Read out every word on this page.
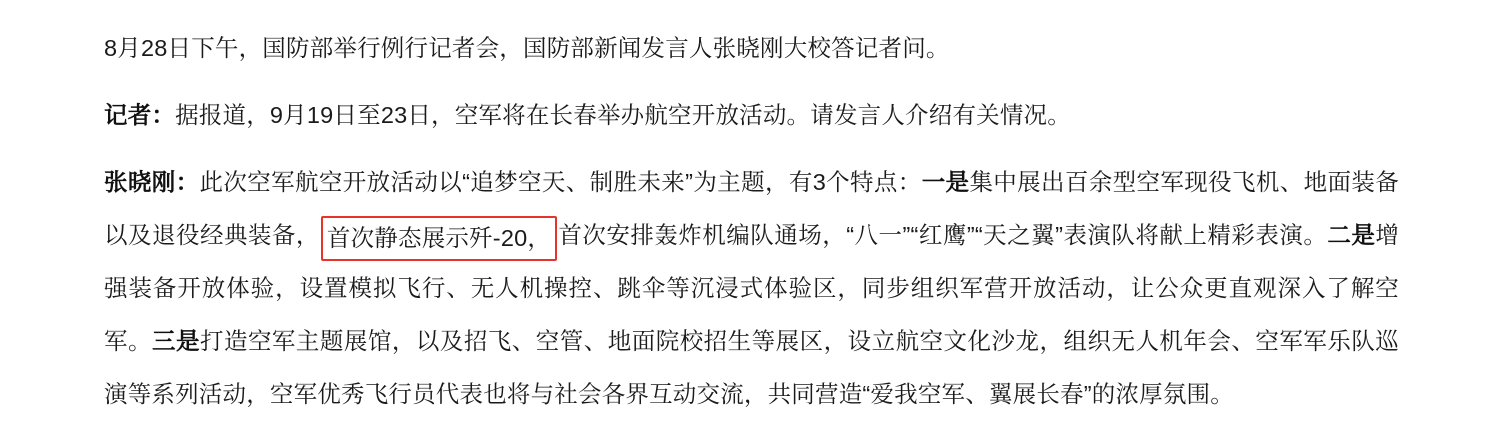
8月28日下午，国防部举行例行记者会，国防部新闻发言人张晓刚大校答记者问。

记者：据报道，9月19日至23日，空军将在长春举办航空开放活动。请发言人介绍有关情况。

张晓刚：此次空军航空开放活动以“追梦空天、制胜未来”为主题，有3个特点：一是集中展出百余型空军现役飞机、地面装备以及退役经典装备， 首次静态展示歼-20， 首次安排轰炸机编队通场，“八一”“红鹰”“天之翼”表演队将献上精彩表演。二是增强装备开放体验，设置模拟飞行、无人机操控、跳伞等沉浸式体验区，同步组织军营开放活动，让公众更直观深入了解空军。三是打造空军主题展馆，以及招飞、空管、地面院校招生等展区，设立航空文化沙龙，组织无人机年会、空军军乐队巡演等系列活动，空军优秀飞行员代表也将与社会各界互动交流，共同营造“爱我空军、翼展长春”的浓厚氛围。
